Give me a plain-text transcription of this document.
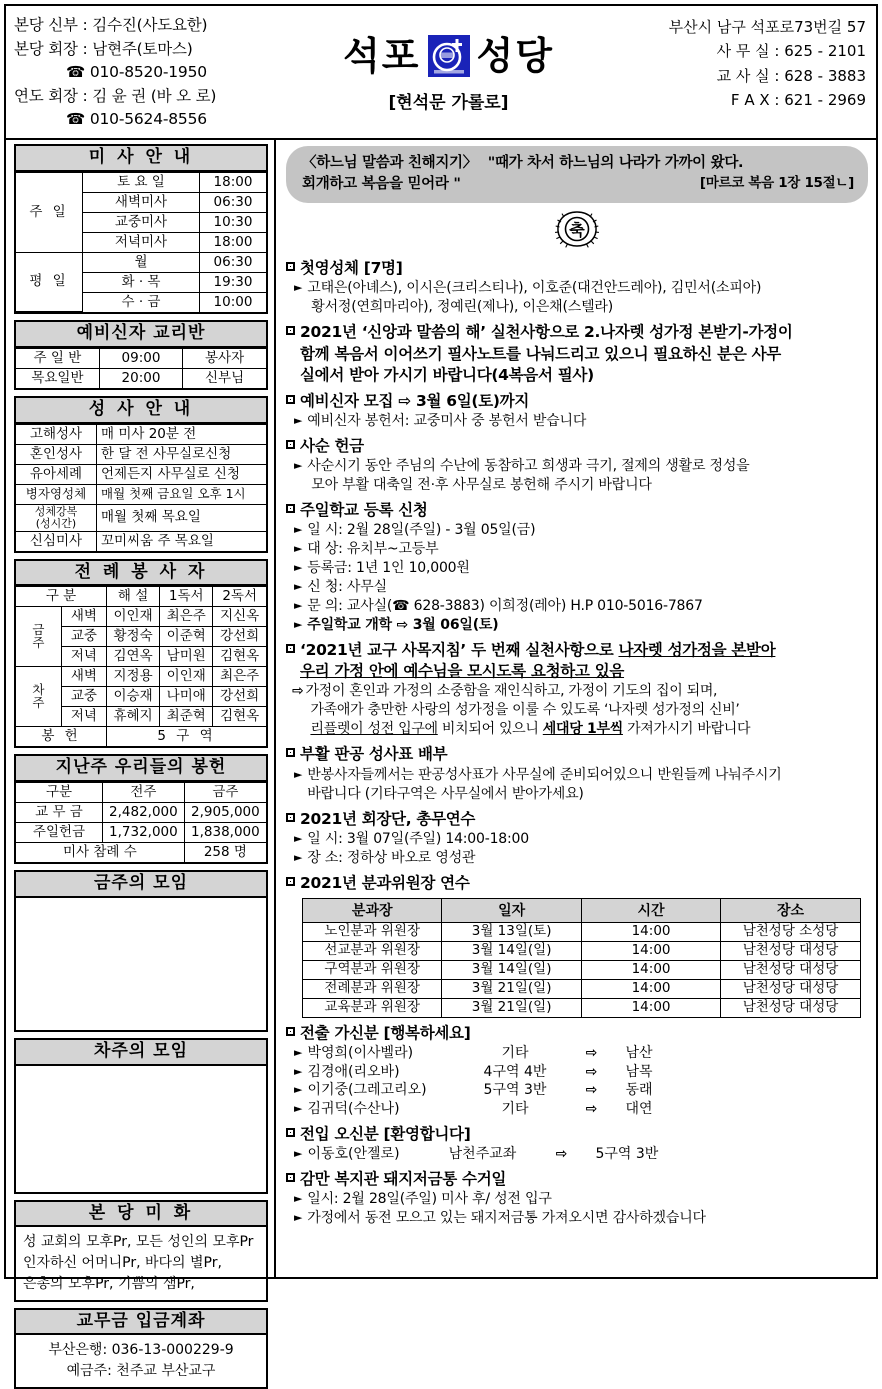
본당 신부 : 김수진(사도요한)
본당 회장 : 남현주(토마스)
☎ 010-8520-1950
연도 회장 : 김 윤 권 (바 오 로)
☎ 010-5624-8556
석포 성당
[현석문 가롤로]
부산시 남구 석포로73번길 57
사 무 실 : 625 - 2101
교 사 실 : 628 - 3883
F A X : 621 - 2969
미 사 안 내
주 일	토 요 일	18:00
	새벽미사	06:30
	교중미사	10:30
	저녁미사	18:00
평 일	월	06:30
	화 · 목	19:30
	수 · 금	10:00
예비신자 교리반
주 일 반	09:00	봉사자
목요일반	20:00	신부님
성 사 안 내
고해성사	매 미사 20분 전
혼인성사	한 달 전 사무실로신청
유아세례	언제든지 사무실로 신청
병자영성체	매월 첫째 금요일 오후 1시

성체강복
(성시간)	매월 첫째 목요일
신심미사	꼬미씨움 주 목요일
전 례 봉 사 자
구 분		해 설	1독서	2독서
금
주	새벽	이인재	최은주	지신옥
	교중	황정숙	이준혁	강선희
	저녁	김연옥	남미원	김현옥
차
주	새벽	지정용	이인재	최은주
	교중	이승재	나미애	강선희
	저녁	휴혜지	최준혁	김현옥
봉 헌		5 구 역		
지난주 우리들의 봉헌
구분	전주	금주
교 무 금	2,482,000	2,905,000
주일헌금	1,732,000	1,838,000
미사 참례 수		258 명
금주의 모임
차주의 모임
본 당 미 화
성 교회의 모후Pr, 모든 성인의 모후Pr
인자하신 어머니Pr, 바다의 별Pr,
은총의 모후Pr, 기쁨의 샘Pr,
교무금 입금계좌
부산은행: 036-13-000229-9
예금주: 천주교 부산교구
〈하느님 말씀과 친해지기〉 "때가 차서 하느님의 나라가 가까이 왔다.
[마르코 복음 1장 15절ㄴ]
회개하고 복음을 믿어라 "
축
첫영성체 [7명]
► 고태은(아녜스), 이시은(크리스티나), 이호준(대건안드레아), 김민서(소피아)
황서정(연희마리아), 정예린(제나), 이은채(스텔라)
2021년 ‘신앙과 말씀의 해’ 실천사항으로 2.나자렛 성가정 본받기-가정이
함께 복음서 이어쓰기 필사노트를 나눠드리고 있으니 필요하신 분은 사무
실에서 받아 가시기 바랍니다(4복음서 필사)
예비신자 모집 ⇨ 3월 6일(토)까지
► 예비신자 봉헌서: 교중미사 중 봉헌서 받습니다
사순 헌금
► 사순시기 동안 주님의 수난에 동참하고 희생과 극기, 절제의 생활로 정성을
모아 부활 대축일 전·후 사무실로 봉헌해 주시기 바랍니다
주일학교 등록 신청
► 일 시: 2월 28일(주일) - 3월 05일(금)
► 대 상: 유치부~고등부
► 등록금: 1년 1인 10,000원
► 신 청: 사무실
► 문 의: 교사실(☎ 628-3883) 이희정(레아) H.P 010-5016-7867
► 주일학교 개학 ⇨ 3월 06일(토)
‘2021년 교구 사목지침’ 두 번째 실천사항으로 나자렛 성가정을 본받아
우리 가정 안에 예수님을 모시도록 요청하고 있음
⇨ 가정이 혼인과 가정의 소중함을 재인식하고, 가정이 기도의 집이 되며,
가족애가 충만한 사랑의 성가정을 이룰 수 있도록 ‘나자렛 성가정의 신비’
리플렛이 성전 입구에 비치되어 있으니 세대당 1부씩 가져가시기 바랍니다
부활 판공 성사표 배부
► 반봉사자들께서는 판공성사표가 사무실에 준비되어있으니 반원들께 나눠주시기
바랍니다 (기타구역은 사무실에서 받아가세요)
2021년 회장단, 총무연수
► 일 시: 3월 07일(주일) 14:00-18:00
► 장 소: 정하상 바오로 영성관
2021년 분과위원장 연수
분과장	일자	시간	장소
노인분과 위원장	3월 13일(토)	14:00	남천성당 소성당
선교분과 위원장	3월 14일(일)	14:00	남천성당 대성당
구역분과 위원장	3월 14일(일)	14:00	남천성당 대성당
전례분과 위원장	3월 21일(일)	14:00	남천성당 대성당
교육분과 위원장	3월 21일(일)	14:00	남천성당 대성당
전출 가신분 [행복하세요]
► 박영희(이사벨라)	기타	⇨	남산
► 김경애(리오바)	4구역 4반	⇨	남목
► 이기중(그레고리오)	5구역 3반	⇨	동래
► 김귀덕(수산나)	기타	⇨	대연
전입 오신분 [환영합니다]
► 이동호(안젤로)	남천주교좌	⇨	5구역 3반
감만 복지관 돼지저금통 수거일
► 일시: 2월 28일(주일) 미사 후/ 성전 입구
► 가정에서 동전 모으고 있는 돼지저금통 가져오시면 감사하겠습니다
